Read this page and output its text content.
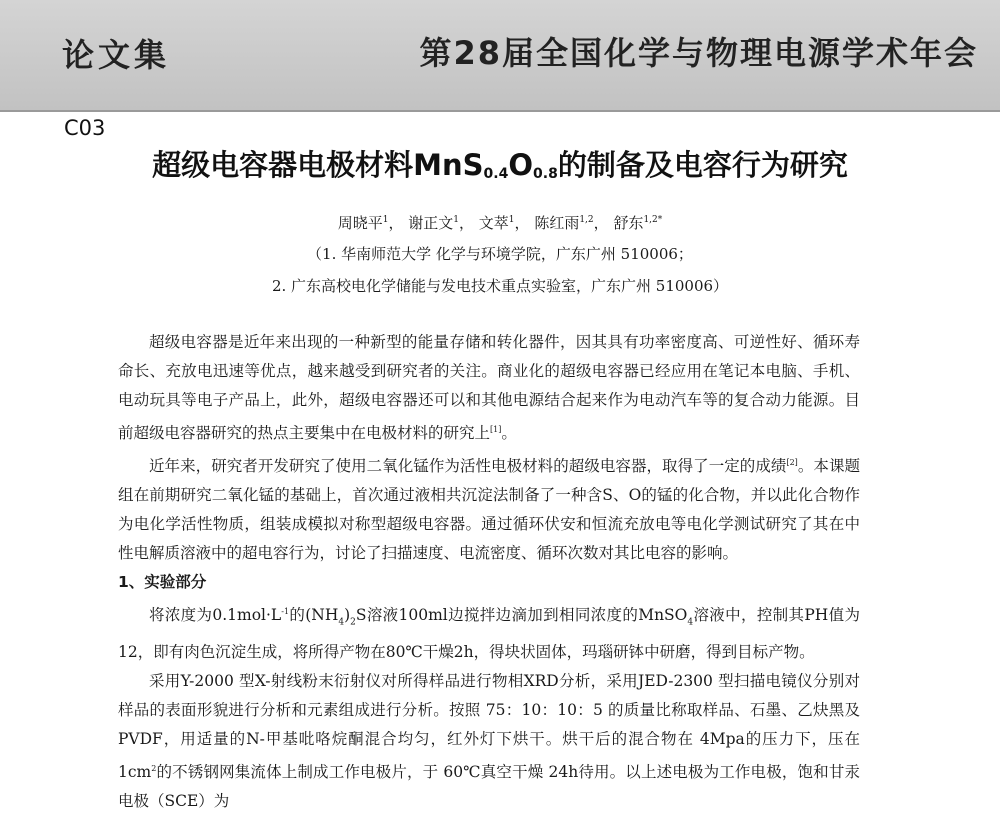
论文集	第28届全国化学与物理电源学术年会
C03
超级电容器电极材料$MnS_{0.4}O_{0.8}$的制备及电容行为研究
周晓平$^1$， 谢正文$^1$， 文萃$^1$， 陈红雨$^{1,2}$， 舒东$^{1,2*}$
（1. 华南师范大学 化学与环境学院，广东广州 510006；
2. 广东高校电化学储能与发电技术重点实验室，广东广州 510006）

超级电容器是近年来出现的一种新型的能量存储和转化器件，因其具有功率密度高、可逆性好、循环寿命长、充放电迅速等优点，越来越受到研究者的关注。商业化的超级电容器已经应用在笔记本电脑、手机、电动玩具等电子产品上，此外，超级电容器还可以和其他电源结合起来作为电动汽车等的复合动力能源。目前超级电容器研究的热点主要集中在电极材料的研究上[1]。

近年来，研究者开发研究了使用二氧化锰作为活性电极材料的超级电容器，取得了一定的成绩[2]。本课题组在前期研究二氧化锰的基础上，首次通过液相共沉淀法制备了一种含S、O的锰的化合物，并以此化合物作为电化学活性物质，组装成模拟对称型超级电容器。通过循环伏安和恒流充放电等电化学测试研究了其在中性电解质溶液中的超电容行为，讨论了扫描速度、电流密度、循环次数对其比电容的影响。

1、实验部分

将浓度为$0.1mol\cdot L^{-1}$的$(NH_4)_2S$溶液100ml边搅拌边滴加到相同浓度的MnSO$_4$溶液中，控制其PH值为12，即有肉色沉淀生成，将所得产物在80℃干燥2h，得块状固体，玛瑙研钵中研磨，得到目标产物。

采用Y-2000 型X-射线粉末衍射仪对所得样品进行物相XRD分析，采用JED-2300 型扫描电镜仪分别对样品的表面形貌进行分析和元素组成进行分析。按照 75：10：10：5 的质量比称取样品、石墨、乙炔黑及PVDF，用适量的N-甲基吡咯烷酮混合均匀，红外灯下烘干。烘干后的混合物在 4Mpa的压力下，压在 $1cm^2$的不锈钢网集流体上制成工作电极片，于 60℃真空干燥 24h待用。以上述电极为工作电极，饱和甘汞电极（SCE）为
